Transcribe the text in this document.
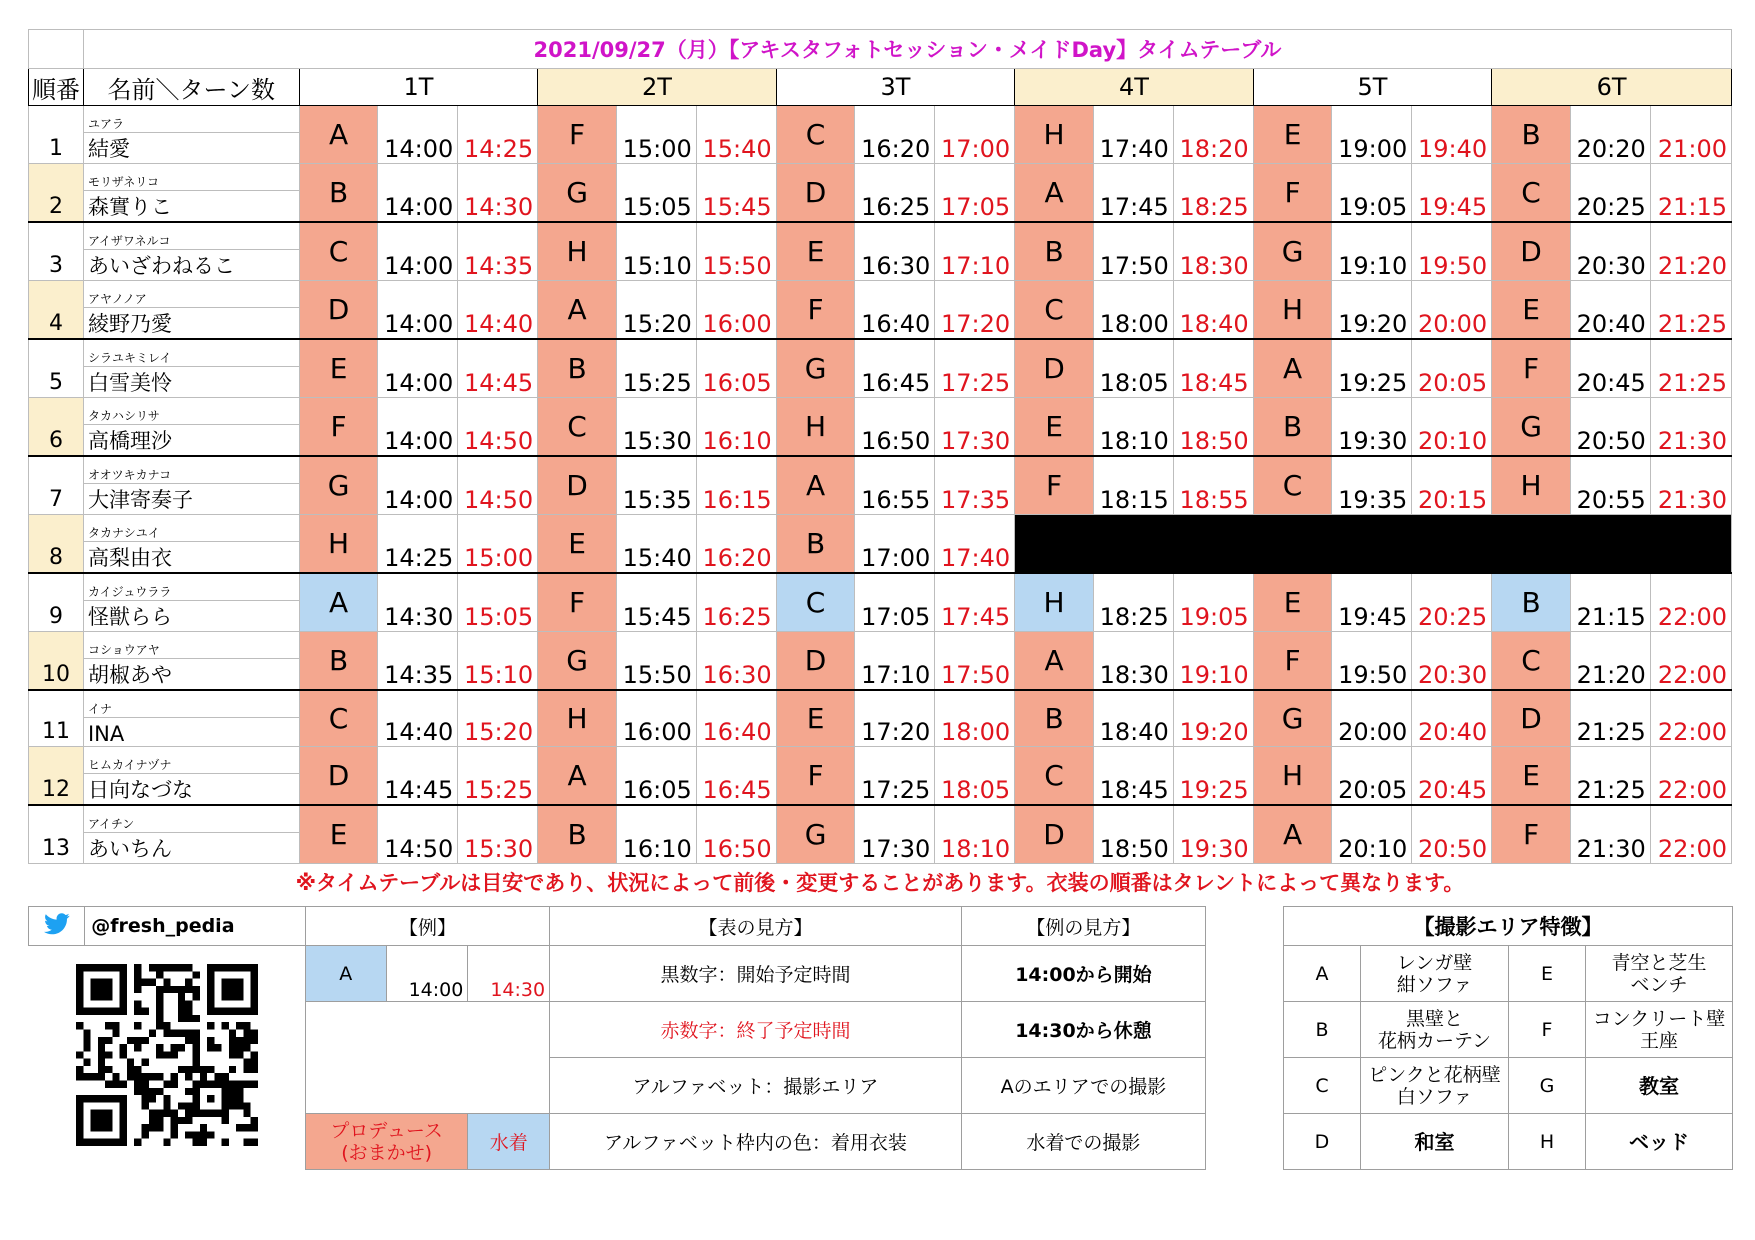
	2021/09/27（月）【アキスタフォトセッション・メイドDay】タイムテーブル																		
順番	名前＼ターン数	1T			2T			3T			4T			5T			6T		
1	ユアラ	A	14:00	14:25	F	15:00	15:40	C	16:20	17:00	H	17:40	18:20	E	19:00	19:40	B	20:20	21:00
	結愛																		
2	モリザネリコ	B	14:00	14:30	G	15:05	15:45	D	16:25	17:05	A	17:45	18:25	F	19:05	19:45	C	20:25	21:15
	森實りこ																		
3	アイザワネルコ	C	14:00	14:35	H	15:10	15:50	E	16:30	17:10	B	17:50	18:30	G	19:10	19:50	D	20:30	21:20
	あいざわねるこ																		
4	アヤノノア	D	14:00	14:40	A	15:20	16:00	F	16:40	17:20	C	18:00	18:40	H	19:20	20:00	E	20:40	21:25
	綾野乃愛																		
5	シラユキミレイ	E	14:00	14:45	B	15:25	16:05	G	16:45	17:25	D	18:05	18:45	A	19:25	20:05	F	20:45	21:25
	白雪美怜																		
6	タカハシリサ	F	14:00	14:50	C	15:30	16:10	H	16:50	17:30	E	18:10	18:50	B	19:30	20:10	G	20:50	21:30
	高橋理沙																		
7	オオツキカナコ	G	14:00	14:50	D	15:35	16:15	A	16:55	17:35	F	18:15	18:55	C	19:35	20:15	H	20:55	21:30
	大津寄奏子																		
8	タカナシユイ	H	14:25	15:00	E	15:40	16:20	B	17:00	17:40									
	高梨由衣																		
9	カイジュウララ	A	14:30	15:05	F	15:45	16:25	C	17:05	17:45	H	18:25	19:05	E	19:45	20:25	B	21:15	22:00
	怪獣らら																		
10	コショウアヤ	B	14:35	15:10	G	15:50	16:30	D	17:10	17:50	A	18:30	19:10	F	19:50	20:30	C	21:20	22:00
	胡椒あや																		
11	イナ	C	14:40	15:20	H	16:00	16:40	E	17:20	18:00	B	18:40	19:20	G	20:00	20:40	D	21:25	22:00
	INA																		
12	ヒムカイナヅナ	D	14:45	15:25	A	16:05	16:45	F	17:25	18:05	C	18:45	19:25	H	20:05	20:45	E	21:25	22:00
	日向なづな																		
13	アイチン	E	14:50	15:30	B	16:10	16:50	G	17:30	18:10	D	18:50	19:30	A	20:10	20:50	F	21:30	22:00
	あいちん																		
※タイムテーブルは目安であり、状況によって前後・変更することがあります。衣装の順番はタレントによって異なります。
	@fresh_pedia	【例】			【表の見方】	【例の見方】
	A	14:00	14:30	黒数字：開始予定時間	14:00から開始
					赤数字：終了予定時間	14:30から休憩
					アルファベット：撮影エリア	Aのエリアでの撮影
		プロデュース
(おまかせ)		水着	アルファベット枠内の色：着用衣装	水着での撮影
【撮影エリア特徴】			
A	レンガ壁
紺ソファ	E	青空と芝生
ベンチ
B	黒壁と
花柄カーテン	F	コンクリート壁
王座
C	ピンクと花柄壁
白ソファ	G	教室
D	和室	H	ベッド
